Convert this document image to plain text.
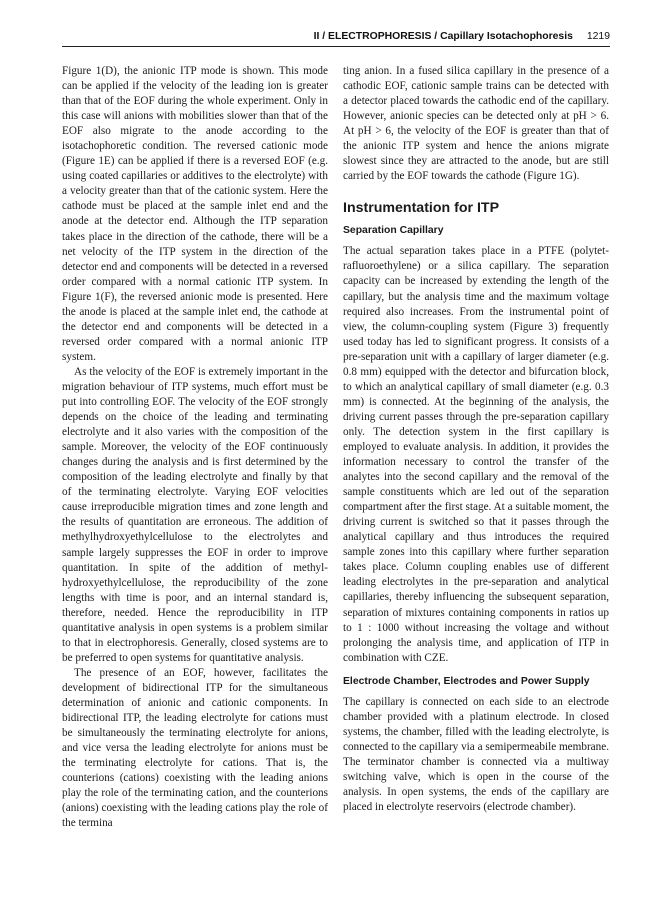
II / ELECTROPHORESIS / Capillary Isotachophoresis 1219

Figure 1(D), the anionic ITP mode is shown. This mode can be applied if the velocity of the leading ion is greater than that of the EOF during the whole experiment. Only in this case will anions with mobilities slower than that of the EOF also migrate to the anode according to the isotachophoretic condition. The reversed cationic mode (Figure 1E) can be applied if there is a reversed EOF (e.g. using coated capillaries or additives to the electrolyte) with a velocity greater than that of the cationic system. Here the cathode must be placed at the sample inlet end and the anode at the detector end. Although the ITP separation takes place in the direction of the cathode, there will be a net velocity of the ITP system in the direction of the detector end and components will be detected in a reversed order compared with a normal cationic ITP system. In Figure 1(F), the reversed anionic mode is presented. Here the anode is placed at the sample inlet end, the cathode at the detector end and components will be detected in a reversed order compared with a normal anionic ITP system.

As the velocity of the EOF is extremely important in the migration behaviour of ITP systems, much effort must be put into controlling EOF. The velocity of the EOF strongly depends on the choice of the leading and terminating electrolyte and it also varies with the composition of the sample. Moreover, the velocity of the EOF continuously changes during the analysis and is first determined by the composition of the leading electrolyte and finally by that of the terminating electrolyte. Varying EOF velocities cause irreproducible migration times and zone length and the results of quantitation are erroneous. The addition of methylhydroxyethylcellulose to the electrolytes and sample largely suppresses the EOF in order to improve quantitation. In spite of the addition of methylhydroxyethylcellulose, the reproducibility of the zone lengths with time is poor, and an internal standard is, therefore, needed. Hence the reproducibility in ITP quantitative analysis in open systems is a problem similar to that in electrophoresis. Generally, closed systems are to be preferred to open systems for quantitative analysis.

The presence of an EOF, however, facilitates the development of bidirectional ITP for the simultaneous determination of anionic and cationic components. In bidirectional ITP, the leading electrolyte for cations must be simultaneously the terminating electrolyte for anions, and vice versa the leading electrolyte for anions must be the terminating electrolyte for cations. That is, the counterions (cations) coexisting with the leading anions play the role of the terminating cation, and the counterions (anions) coexisting with the leading cations play the role of the termina

ting anion. In a fused silica capillary in the presence of a cathodic EOF, cationic sample trains can be detected with a detector placed towards the cathodic end of the capillary. However, anionic species can be detected only at pH > 6. At pH > 6, the velocity of the EOF is greater than that of the anionic ITP system and hence the anions migrate slowest since they are attracted to the anode, but are still carried by the EOF towards the cathode (Figure 1G).

Instrumentation for ITP
Separation Capillary

The actual separation takes place in a PTFE (polytetrafluoroethylene) or a silica capillary. The separation capacity can be increased by extending the length of the capillary, but the analysis time and the maximum voltage required also increases. From the instrumental point of view, the column-coupling system (Figure 3) frequently used today has led to significant progress. It consists of a pre-separation unit with a capillary of larger diameter (e.g. 0.8 mm) equipped with the detector and bifurcation block, to which an analytical capillary of small diameter (e.g. 0.3 mm) is connected. At the beginning of the analysis, the driving current passes through the pre-separation capillary only. The detection system in the first capillary is employed to evaluate analysis. In addition, it provides the information necessary to control the transfer of the analytes into the second capillary and the removal of the sample constituents which are led out of the separation compartment after the first stage. At a suitable moment, the driving current is switched so that it passes through the analytical capillary and thus introduces the required sample zones into this capillary where further separation takes place. Column coupling enables use of different leading electrolytes in the pre-separation and analytical capillaries, thereby influencing the subsequent separation, separation of mixtures containing components in ratios up to 1 : 1000 without increasing the voltage and without prolonging the analysis time, and application of ITP in combination with CZE.

Electrode Chamber, Electrodes and Power Supply

The capillary is connected on each side to an electrode chamber provided with a platinum electrode. In closed systems, the chamber, filled with the leading electrolyte, is connected to the capillary via a semipermeabile membrane. The terminator chamber is connected via a multiway switching valve, which is open in the course of the analysis. In open systems, the ends of the capillary are placed in electrolyte reservoirs (electrode chamber).
